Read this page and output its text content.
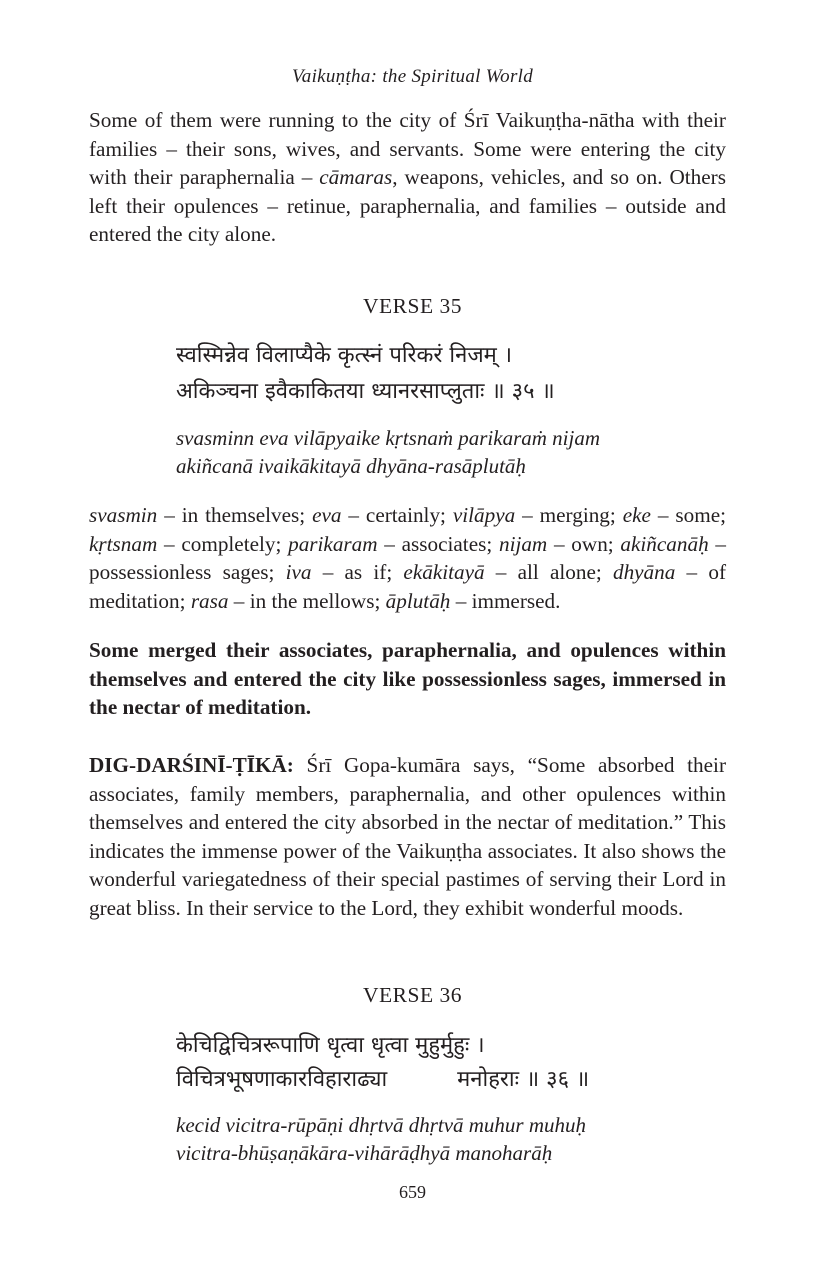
Vaikuṇṭha: the Spiritual World

Some of them were running to the city of Śrī Vaikuṇṭha-nātha with their families – their sons, wives, and servants. Some were entering the city with their paraphernalia – cāmaras, weapons, vehicles, and so on. Others left their opulences – retinue, paraphernalia, and families – outside and entered the city alone.

VERSE 35
स्वस्मिन्नेव विलाप्यैके कृत्स्नं परिकरं निजम् ।
अकिञ्चना इवैकाकितया ध्यानरसाप्लुताः ॥ ३५ ॥
svasminn eva vilāpyaike kṛtsnaṁ parikaraṁ nijam
akiñcanā ivaikākitayā dhyāna-rasāplutāḥ

svasmin – in themselves; eva – certainly; vilāpya – merging; eke – some; kṛtsnam – completely; parikaram – associates; nijam – own; akiñcanāḥ – possessionless sages; iva – as if; ekākitayā – all alone; dhyāna – of meditation; rasa – in the mellows; āplutāḥ – immersed.

Some merged their associates, paraphernalia, and opulences within themselves and entered the city like possessionless sages, immersed in the nectar of meditation.

DIG-DARŚINĪ-ṬĪKĀ: Śrī Gopa-kumāra says, “Some absorbed their associates, family members, paraphernalia, and other opulences within themselves and entered the city absorbed in the nectar of meditation.” This indicates the immense power of the Vaikuṇṭha associates. It also shows the wonderful variegatedness of their special pastimes of serving their Lord in great bliss. In their service to the Lord, they exhibit wonderful moods.

VERSE 36
केचिद्विचित्ररूपाणि धृत्वा धृत्वा मुहुर्मुहुः ।
विचित्रभूषणाकारविहाराढ्या          मनोहराः ॥ ३६ ॥
kecid vicitra-rūpāṇi dhṛtvā dhṛtvā muhur muhuḥ
vicitra-bhūṣaṇākāra-vihārāḍhyā manoharāḥ
659
